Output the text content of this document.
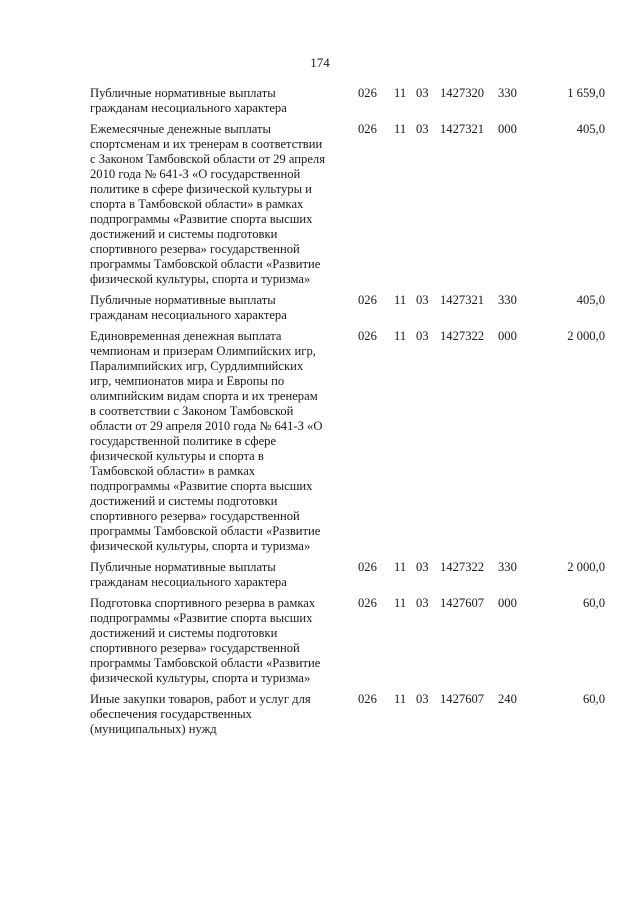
174
Публичные нормативные выплаты
гражданам несоциального характера
026	11 03 1427320	330	1 659,0
Ежемесячные денежные выплаты
спортсменам и их тренерам в соответствии
с Законом Тамбовской области от 29 апреля
2010 года № 641-З «О государственной
политике в сфере физической культуры и
спорта в Тамбовской области» в рамках
подпрограммы «Развитие спорта высших
достижений и системы подготовки
спортивного резерва» государственной
программы Тамбовской области «Развитие
физической культуры, спорта и туризма»
026	11 03 1427321	000	405,0
Публичные нормативные выплаты
гражданам несоциального характера
026	11 03 1427321	330	405,0
Единовременная денежная выплата
чемпионам и призерам Олимпийских игр,
Паралимпийских игр, Сурдлимпийских
игр, чемпионатов мира и Европы по
олимпийским видам спорта и их тренерам
в соответствии с Законом Тамбовской
области от 29 апреля 2010 года № 641-З «О
государственной политике в сфере
физической культуры и спорта в
Тамбовской области» в рамках
подпрограммы «Развитие спорта высших
достижений и системы подготовки
спортивного резерва» государственной
программы Тамбовской области «Развитие
физической культуры, спорта и туризма»
026	11 03 1427322	000	2 000,0
Публичные нормативные выплаты
гражданам несоциального характера
026	11 03 1427322	330	2 000,0
Подготовка спортивного резерва в рамках
подпрограммы «Развитие спорта высших
достижений и системы подготовки
спортивного резерва» государственной
программы Тамбовской области «Развитие
физической культуры, спорта и туризма»
026	11 03 1427607	000	60,0
Иные закупки товаров, работ и услуг для
обеспечения государственных
(муниципальных) нужд
026	11 03 1427607	240	60,0
